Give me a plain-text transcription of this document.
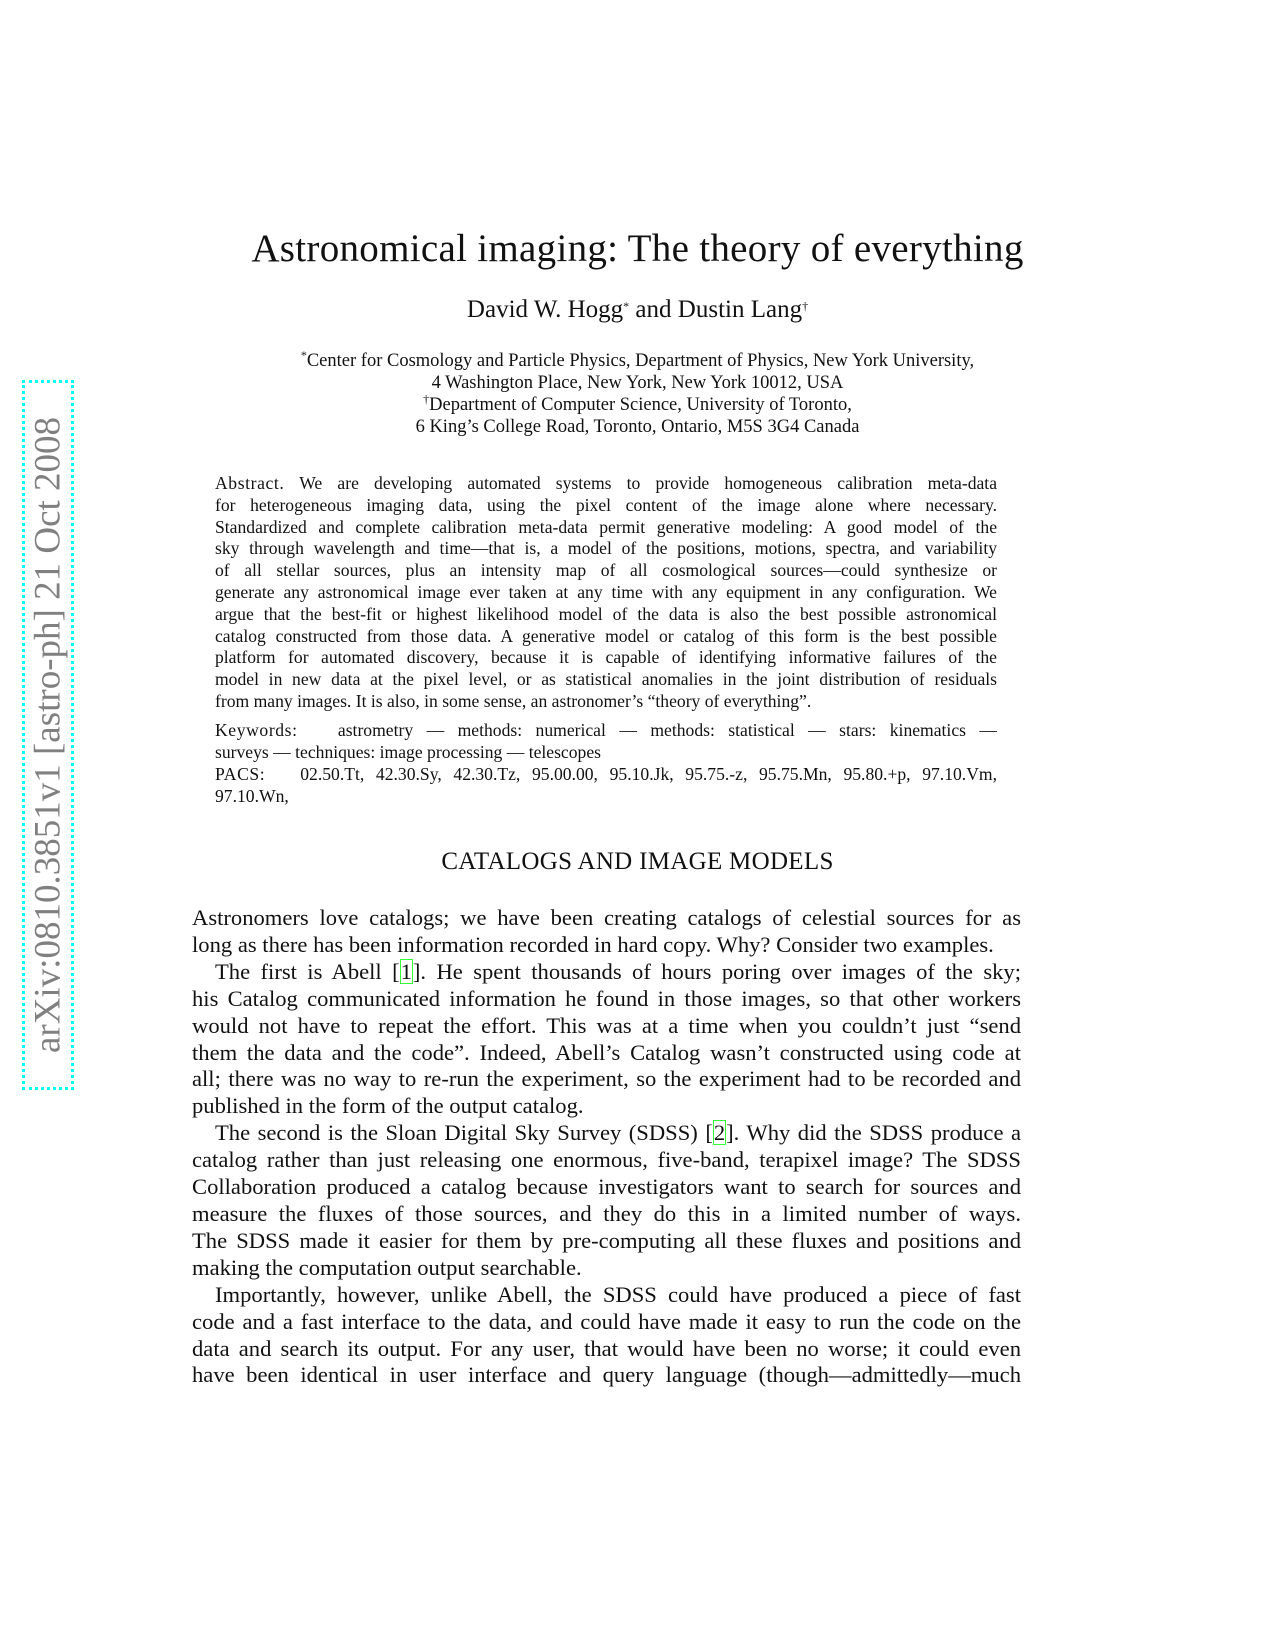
arXiv:0810.3851v1 [astro-ph] 21 Oct 2008
Astronomical imaging: The theory of everything
David W. Hogg* and Dustin Lang†
*Center for Cosmology and Particle Physics, Department of Physics, New York University,
4 Washington Place, New York, New York 10012, USA
†Department of Computer Science, University of Toronto,
6 King’s College Road, Toronto, Ontario, M5S 3G4 Canada
Abstract. We are developing automated systems to provide homogeneous calibration meta-data
for heterogeneous imaging data, using the pixel content of the image alone where necessary.
Standardized and complete calibration meta-data permit generative modeling: A good model of the
sky through wavelength and time—that is, a model of the positions, motions, spectra, and variability
of all stellar sources, plus an intensity map of all cosmological sources—could synthesize or
generate any astronomical image ever taken at any time with any equipment in any configuration. We
argue that the best-fit or highest likelihood model of the data is also the best possible astronomical
catalog constructed from those data. A generative model or catalog of this form is the best possible
platform for automated discovery, because it is capable of identifying informative failures of the
model in new data at the pixel level, or as statistical anomalies in the joint distribution of residuals
from many images. It is also, in some sense, an astronomer’s “theory of everything”.
Keywords:   astrometry — methods: numerical — methods: statistical — stars: kinematics —
surveys — techniques: image processing — telescopes
PACS:   02.50.Tt, 42.30.Sy, 42.30.Tz, 95.00.00, 95.10.Jk, 95.75.-z, 95.75.Mn, 95.80.+p, 97.10.Vm,
97.10.Wn,
CATALOGS AND IMAGE MODELS
Astronomers love catalogs; we have been creating catalogs of celestial sources for as
long as there has been information recorded in hard copy. Why? Consider two examples.
The first is Abell [1]. He spent thousands of hours poring over images of the sky;
his Catalog communicated information he found in those images, so that other workers
would not have to repeat the effort. This was at a time when you couldn’t just “send
them the data and the code”. Indeed, Abell’s Catalog wasn’t constructed using code at
all; there was no way to re-run the experiment, so the experiment had to be recorded and
published in the form of the output catalog.
The second is the Sloan Digital Sky Survey (SDSS) [2]. Why did the SDSS produce a
catalog rather than just releasing one enormous, five-band, terapixel image? The SDSS
Collaboration produced a catalog because investigators want to search for sources and
measure the fluxes of those sources, and they do this in a limited number of ways.
The SDSS made it easier for them by pre-computing all these fluxes and positions and
making the computation output searchable.
Importantly, however, unlike Abell, the SDSS could have produced a piece of fast
code and a fast interface to the data, and could have made it easy to run the code on the
data and search its output. For any user, that would have been no worse; it could even
have been identical in user interface and query language (though—admittedly—much
